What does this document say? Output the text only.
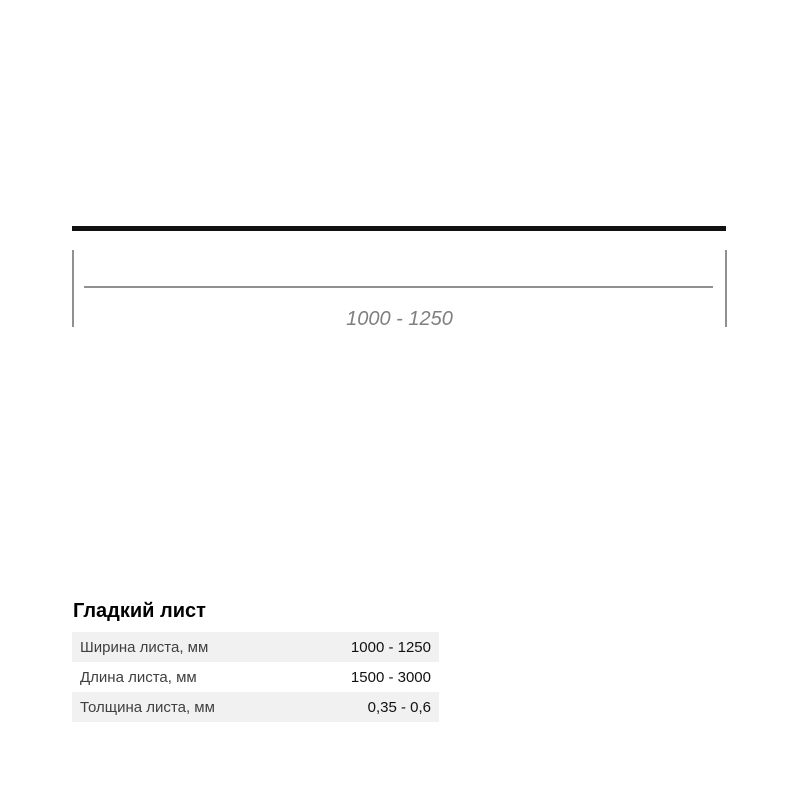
1000 - 1250
Гладкий лист
Ширина листа, мм	1000 - 1250
Длина листа, мм	1500 - 3000
Толщина листа, мм	0,35 - 0,6
